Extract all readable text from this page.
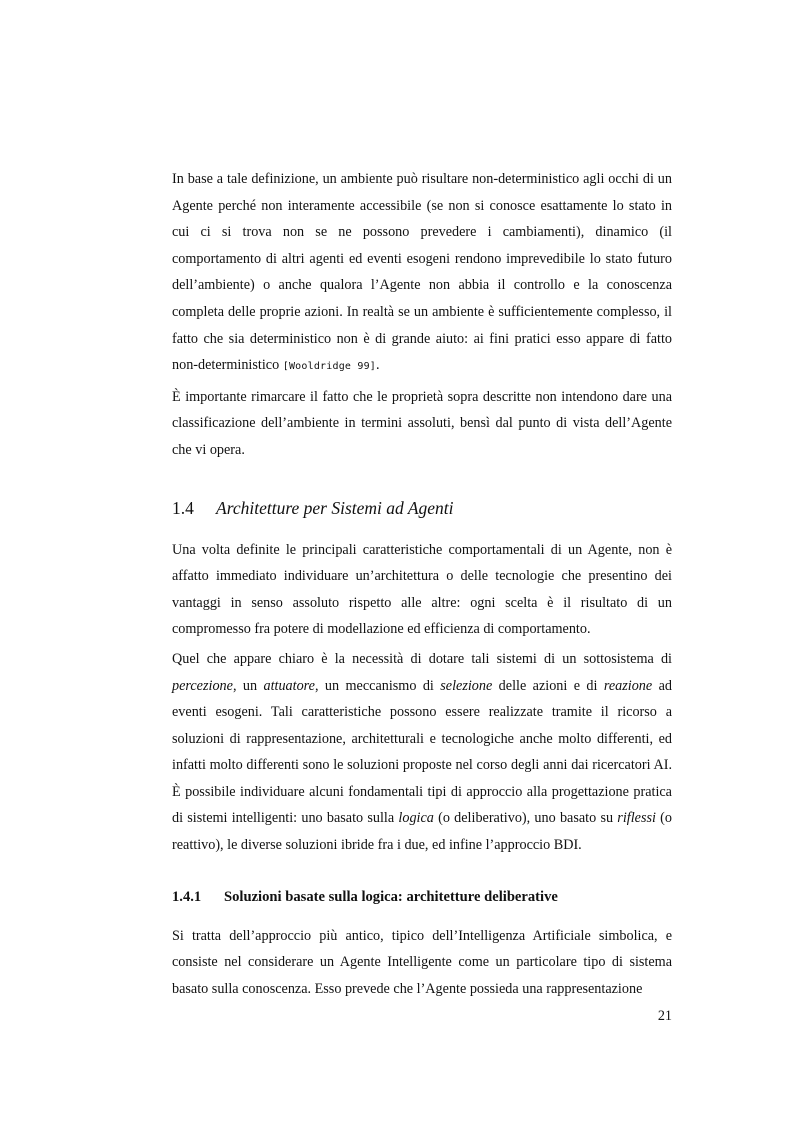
In base a tale definizione, un ambiente può risultare non-deterministico agli occhi di un Agente perché non interamente accessibile (se non si conosce esattamente lo stato in cui ci si trova non se ne possono prevedere i cambiamenti), dinamico (il comportamento di altri agenti ed eventi esogeni rendono imprevedibile lo stato futuro dell’ambiente) o anche qualora l’Agente non abbia il controllo e la conoscenza completa delle proprie azioni. In realtà se un ambiente è sufficientemente complesso, il fatto che sia deterministico non è di grande aiuto: ai fini pratici esso appare di fatto non-deterministico [Wooldridge 99].

È importante rimarcare il fatto che le proprietà sopra descritte non intendono dare una classificazione dell’ambiente in termini assoluti, bensì dal punto di vista dell’Agente che vi opera.

1.4	Architetture per Sistemi ad Agenti

Una volta definite le principali caratteristiche comportamentali di un Agente, non è affatto immediato individuare un’architettura o delle tecnologie che presentino dei vantaggi in senso assoluto rispetto alle altre: ogni scelta è il risultato di un compromesso fra potere di modellazione ed efficienza di comportamento.

Quel che appare chiaro è la necessità di dotare tali sistemi di un sottosistema di percezione, un attuatore, un meccanismo di selezione delle azioni e di reazione ad eventi esogeni. Tali caratteristiche possono essere realizzate tramite il ricorso a soluzioni di rappresentazione, architetturali e tecnologiche anche molto differenti, ed infatti molto differenti sono le soluzioni proposte nel corso degli anni dai ricercatori AI. È possibile individuare alcuni fondamentali tipi di approccio alla progettazione pratica di sistemi intelligenti: uno basato sulla logica (o deliberativo), uno basato su riflessi (o reattivo), le diverse soluzioni ibride fra i due, ed infine l’approccio BDI.

1.4.1	Soluzioni basate sulla logica: architetture deliberative

Si tratta dell’approccio più antico, tipico dell’Intelligenza Artificiale simbolica, e consiste nel considerare un Agente Intelligente come un particolare tipo di sistema basato sulla conoscenza. Esso prevede che l’Agente possieda una rappresentazione

21
